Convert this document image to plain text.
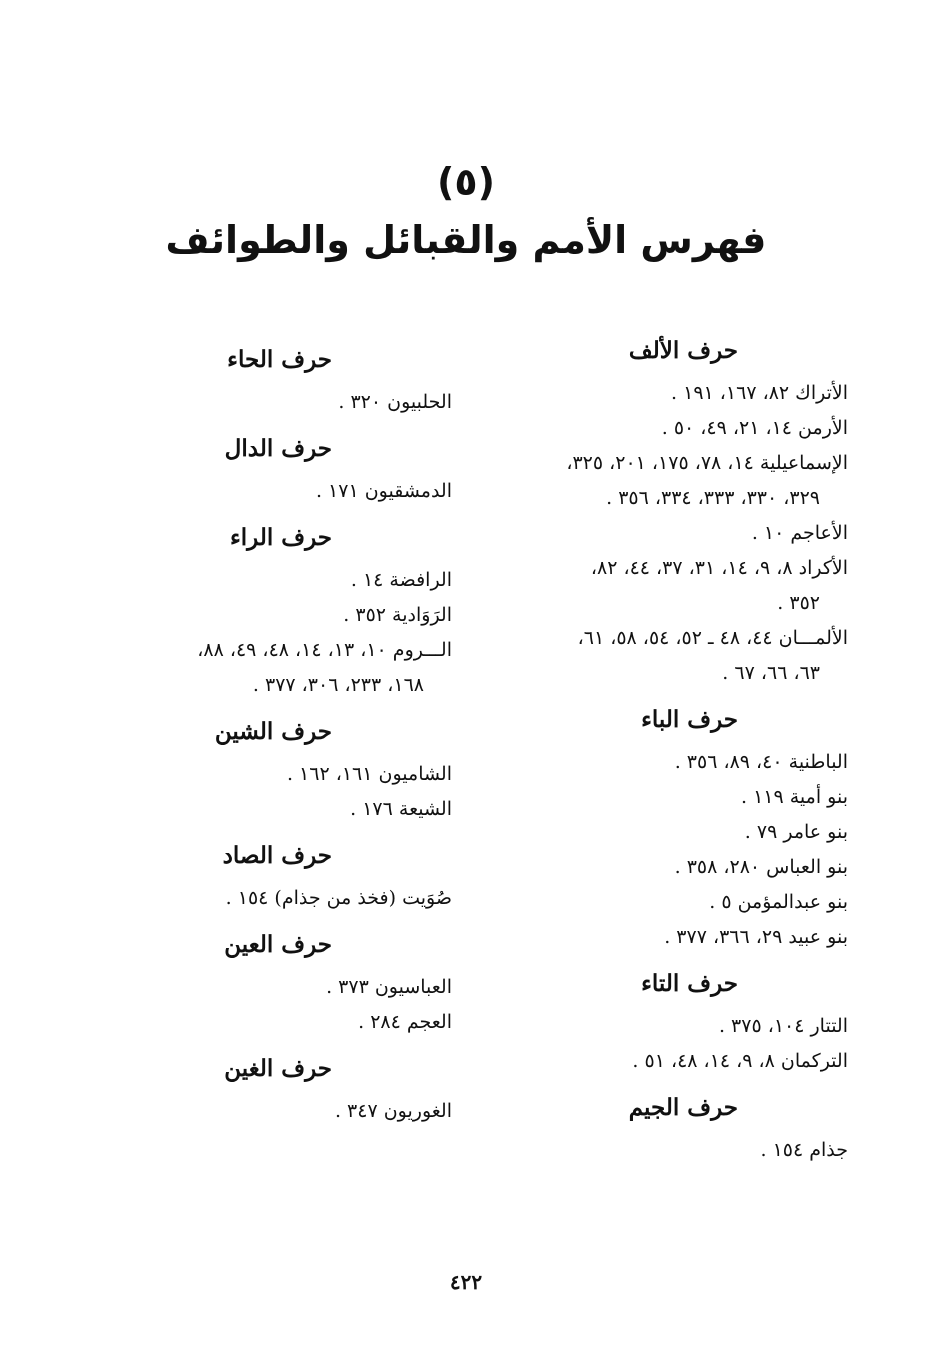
(٥)
فهرس الأمم والقبائل والطوائف
حرف الألف
الأتراك ٨٢، ١٦٧، ١٩١ .
الأرمن ١٤، ٢١، ٤٩، ٥٠ .
الإسماعيلية ١٤، ٧٨، ١٧٥، ٢٠١، ٣٢٥،
٣٢٩، ٣٣٠، ٣٣٣، ٣٣٤، ٣٥٦ .
الأعاجم ١٠ .
الأكراد ٨، ٩، ١٤، ٣١، ٣٧، ٤٤، ٨٢،
٣٥٢ .
الألمـــان ٤٤، ٤٨ ـ ٥٢، ٥٤، ٥٨، ٦١،
٦٣، ٦٦، ٦٧ .
حرف الباء
الباطنية ٤٠، ٨٩، ٣٥٦ .
بنو أمية ١١٩ .
بنو عامر ٧٩ .
بنو العباس ٢٨٠، ٣٥٨ .
بنو عبدالمؤمن ٥ .
بنو عبيد ٢٩، ٣٦٦، ٣٧٧ .
حرف التاء
التتار ١٠٤، ٣٧٥ .
التركمان ٨، ٩، ١٤، ٤٨، ٥١ .
حرف الجيم
جذام ١٥٤ .
حرف الحاء
الحلبيون ٣٢٠ .
حرف الدال
الدمشقيون ١٧١ .
حرف الراء
الرافضة ١٤ .
الرَوَادية ٣٥٢ .
الـــروم ١٠، ١٣، ١٤، ٤٨، ٤٩، ٨٨،
١٦٨، ٢٣٣، ٣٠٦، ٣٧٧ .
حرف الشين
الشاميون ١٦١، ١٦٢ .
الشيعة ١٧٦ .
حرف الصاد
صُوَيت (فخذ من جذام) ١٥٤ .
حرف العين
العباسيون ٣٧٣ .
العجم ٢٨٤ .
حرف الغين
الغوريون ٣٤٧ .
٤٢٢
